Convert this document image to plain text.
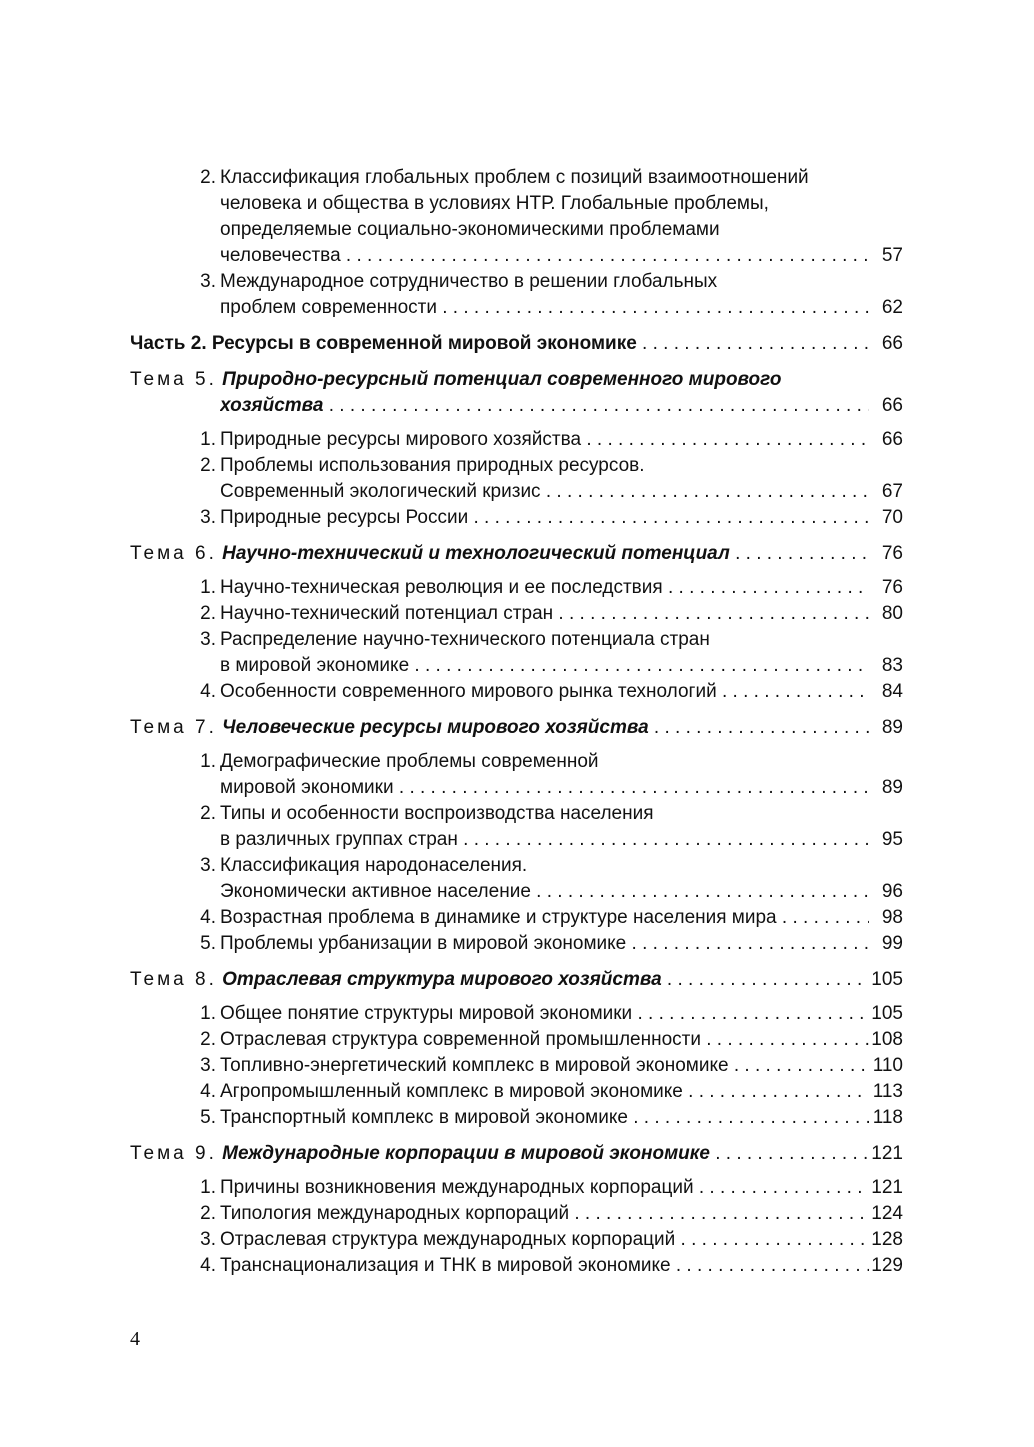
2. Классификация глобальных проблем с позиций взаимоотношений
человека и общества в условиях НТР. Глобальные проблемы,
определяемые социально-экономическими проблемами
человечества . . .	57
3. Международное сотрудничество в решении глобальных
проблем современности . . .	62
Часть 2. Ресурсы в современной мировой экономике . . .	66
Тема 5. Природно-ресурсный потенциал современного мирового
хозяйства . . .	66
1. Природные ресурсы мирового хозяйства . . .	66
2. Проблемы использования природных ресурсов.
Современный экологический кризис . . .	67
3. Природные ресурсы России . . .	70
Тема 6. Научно-технический и технологический потенциал . . .	76
1. Научно-техническая революция и ее последствия . . .	76
2. Научно-технический потенциал стран . . .	80
3. Распределение научно-технического потенциала стран
в мировой экономике . . .	83
4. Особенности современного мирового рынка технологий . . .	84
Тема 7. Человеческие ресурсы мирового хозяйства . . .	89
1. Демографические проблемы современной
мировой экономики . . .	89
2. Типы и особенности воспроизводства населения
в различных группах стран . . .	95
3. Классификация народонаселения.
Экономически активное население . . .	96
4. Возрастная проблема в динамике и структуре населения мира . . .	98
5. Проблемы урбанизации в мировой экономике . . .	99
Тема 8. Отраслевая структура мирового хозяйства . . .	105
1. Общее понятие структуры мировой экономики . . .	105
2. Отраслевая структура современной промышленности . . .	108
3. Топливно-энергетический комплекс в мировой экономике . . .	110
4. Агропромышленный комплекс в мировой экономике . . .	113
5. Транспортный комплекс в мировой экономике . . .	118
Тема 9. Международные корпорации в мировой экономике . . .	121
1. Причины возникновения международных корпораций . . .	121
2. Типология международных корпораций . . .	124
3. Отраслевая структура международных корпораций . . .	128
4. Транснационализация и ТНК в мировой экономике . . .	129
4
